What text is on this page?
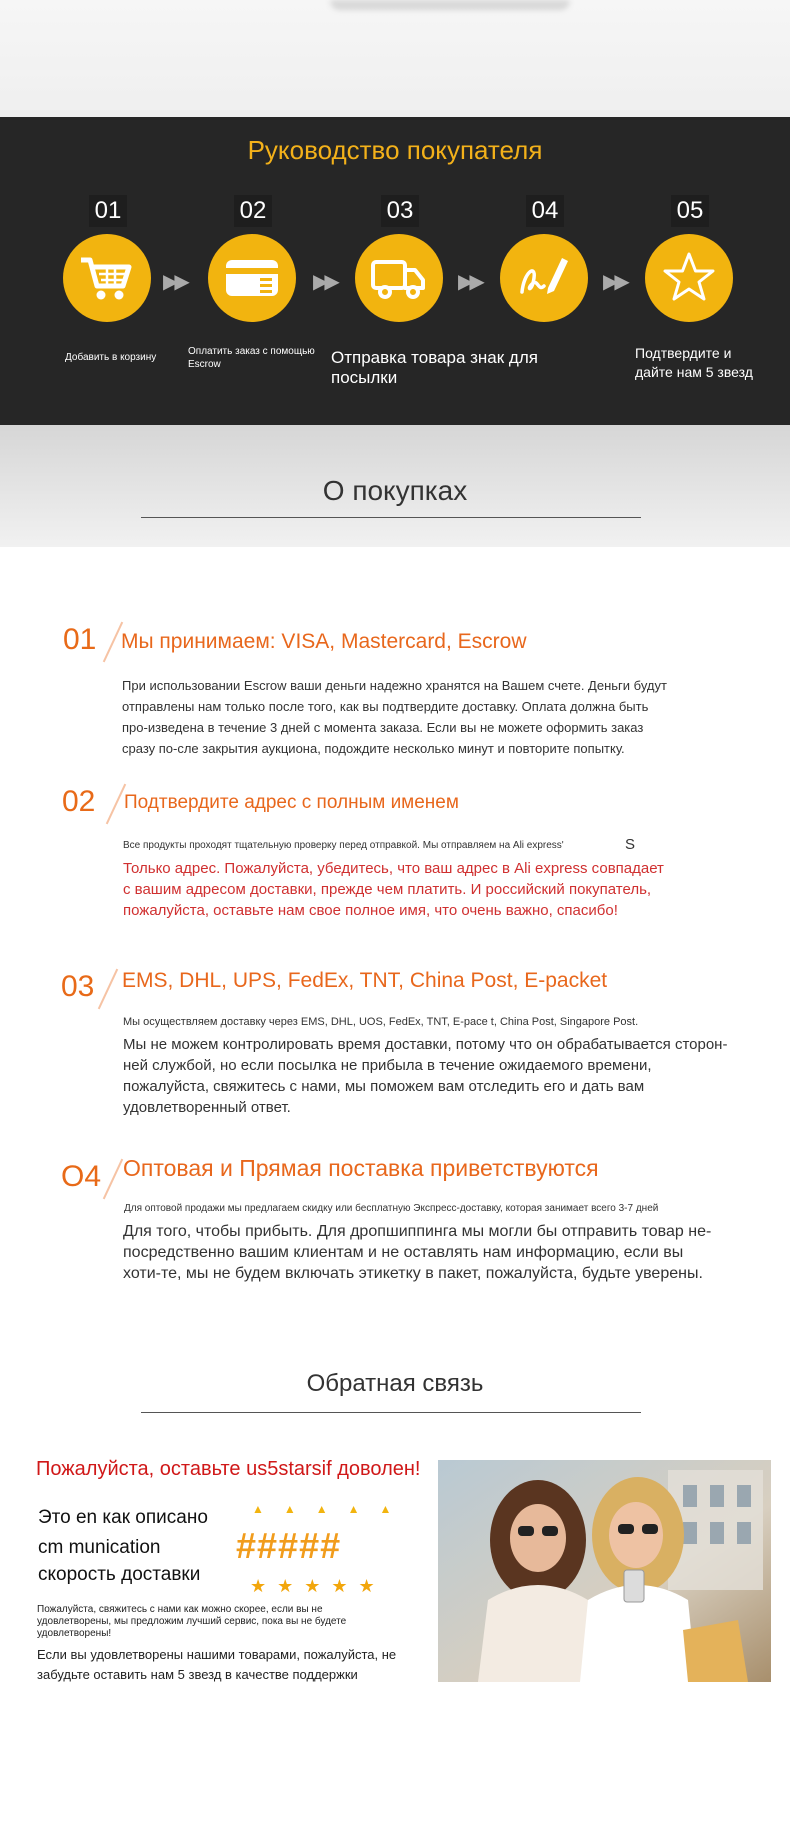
Руководство покупателя
01
▶▶
02
▶▶
03
▶▶
04
▶▶
05
Добавить в корзину
Оплатить заказ с помощью Escrow	Отправка товара знак для посылки
Подтвердите и дайте нам 5 звезд
О покупках
01 Мы принимаем: VISA, Mastercard, Escrow
При использовании Escrow ваши деньги надежно хранятся на Вашем счете. Деньги будут отправлены нам только после того, как вы подтвердите доставку. Оплата должна быть про-изведена в течение 3 дней с момента заказа. Если вы не можете оформить заказ сразу по-сле закрытия аукциона, подождите несколько минут и повторите попытку.
02 Подтвердите адрес с полным именем
Все продукты проходят тщательную проверку перед отправкой. Мы отправляем на Ali express'	S
Только адрес. Пожалуйста, убедитесь, что ваш адрес в Ali express совпадает с вашим адресом доставки, прежде чем платить. И российский покупатель, пожалуйста, оставьте нам свое полное имя, что очень важно, спасибо!
03 EMS, DHL, UPS, FedEx, TNT, China Post, E-packet
Мы осуществляем доставку через EMS, DHL, UOS, FedEx, TNT, E-pace t, China Post, Singapore Post.
Мы не можем контролировать время доставки, потому что он обрабатывается сторон-ней службой, но если посылка не прибыла в течение ожидаемого времени, пожалуйста, свяжитесь с нами, мы поможем вам отследить его и дать вам удовлетворенный ответ.
O4 Оптовая и Прямая поставка приветствуются
Для оптовой продажи мы предлагаем скидку или бесплатную Экспресс-доставку, которая занимает всего 3-7 дней
Для того, чтобы прибыть. Для дропшиппинга мы могли бы отправить товар не-посредственно вашим клиентам и не оставлять нам информацию, если вы хоти-те, мы не будем включать этикетку в пакет, пожалуйста, будьте уверены.
Обратная связь
Пожалуйста, оставьте us5starsif доволен!
Это en как описано
cm munication
скорость доставки
▲▲▲▲▲
#####
★★★★★
Пожалуйста, свяжитесь с нами как можно скорее, если вы не удовлетворены, мы предложим лучший сервис, пока вы не будете удовлетворены!
Если вы удовлетворены нашими товарами, пожалуйста, не забудьте оставить нам 5 звезд в качестве поддержки
